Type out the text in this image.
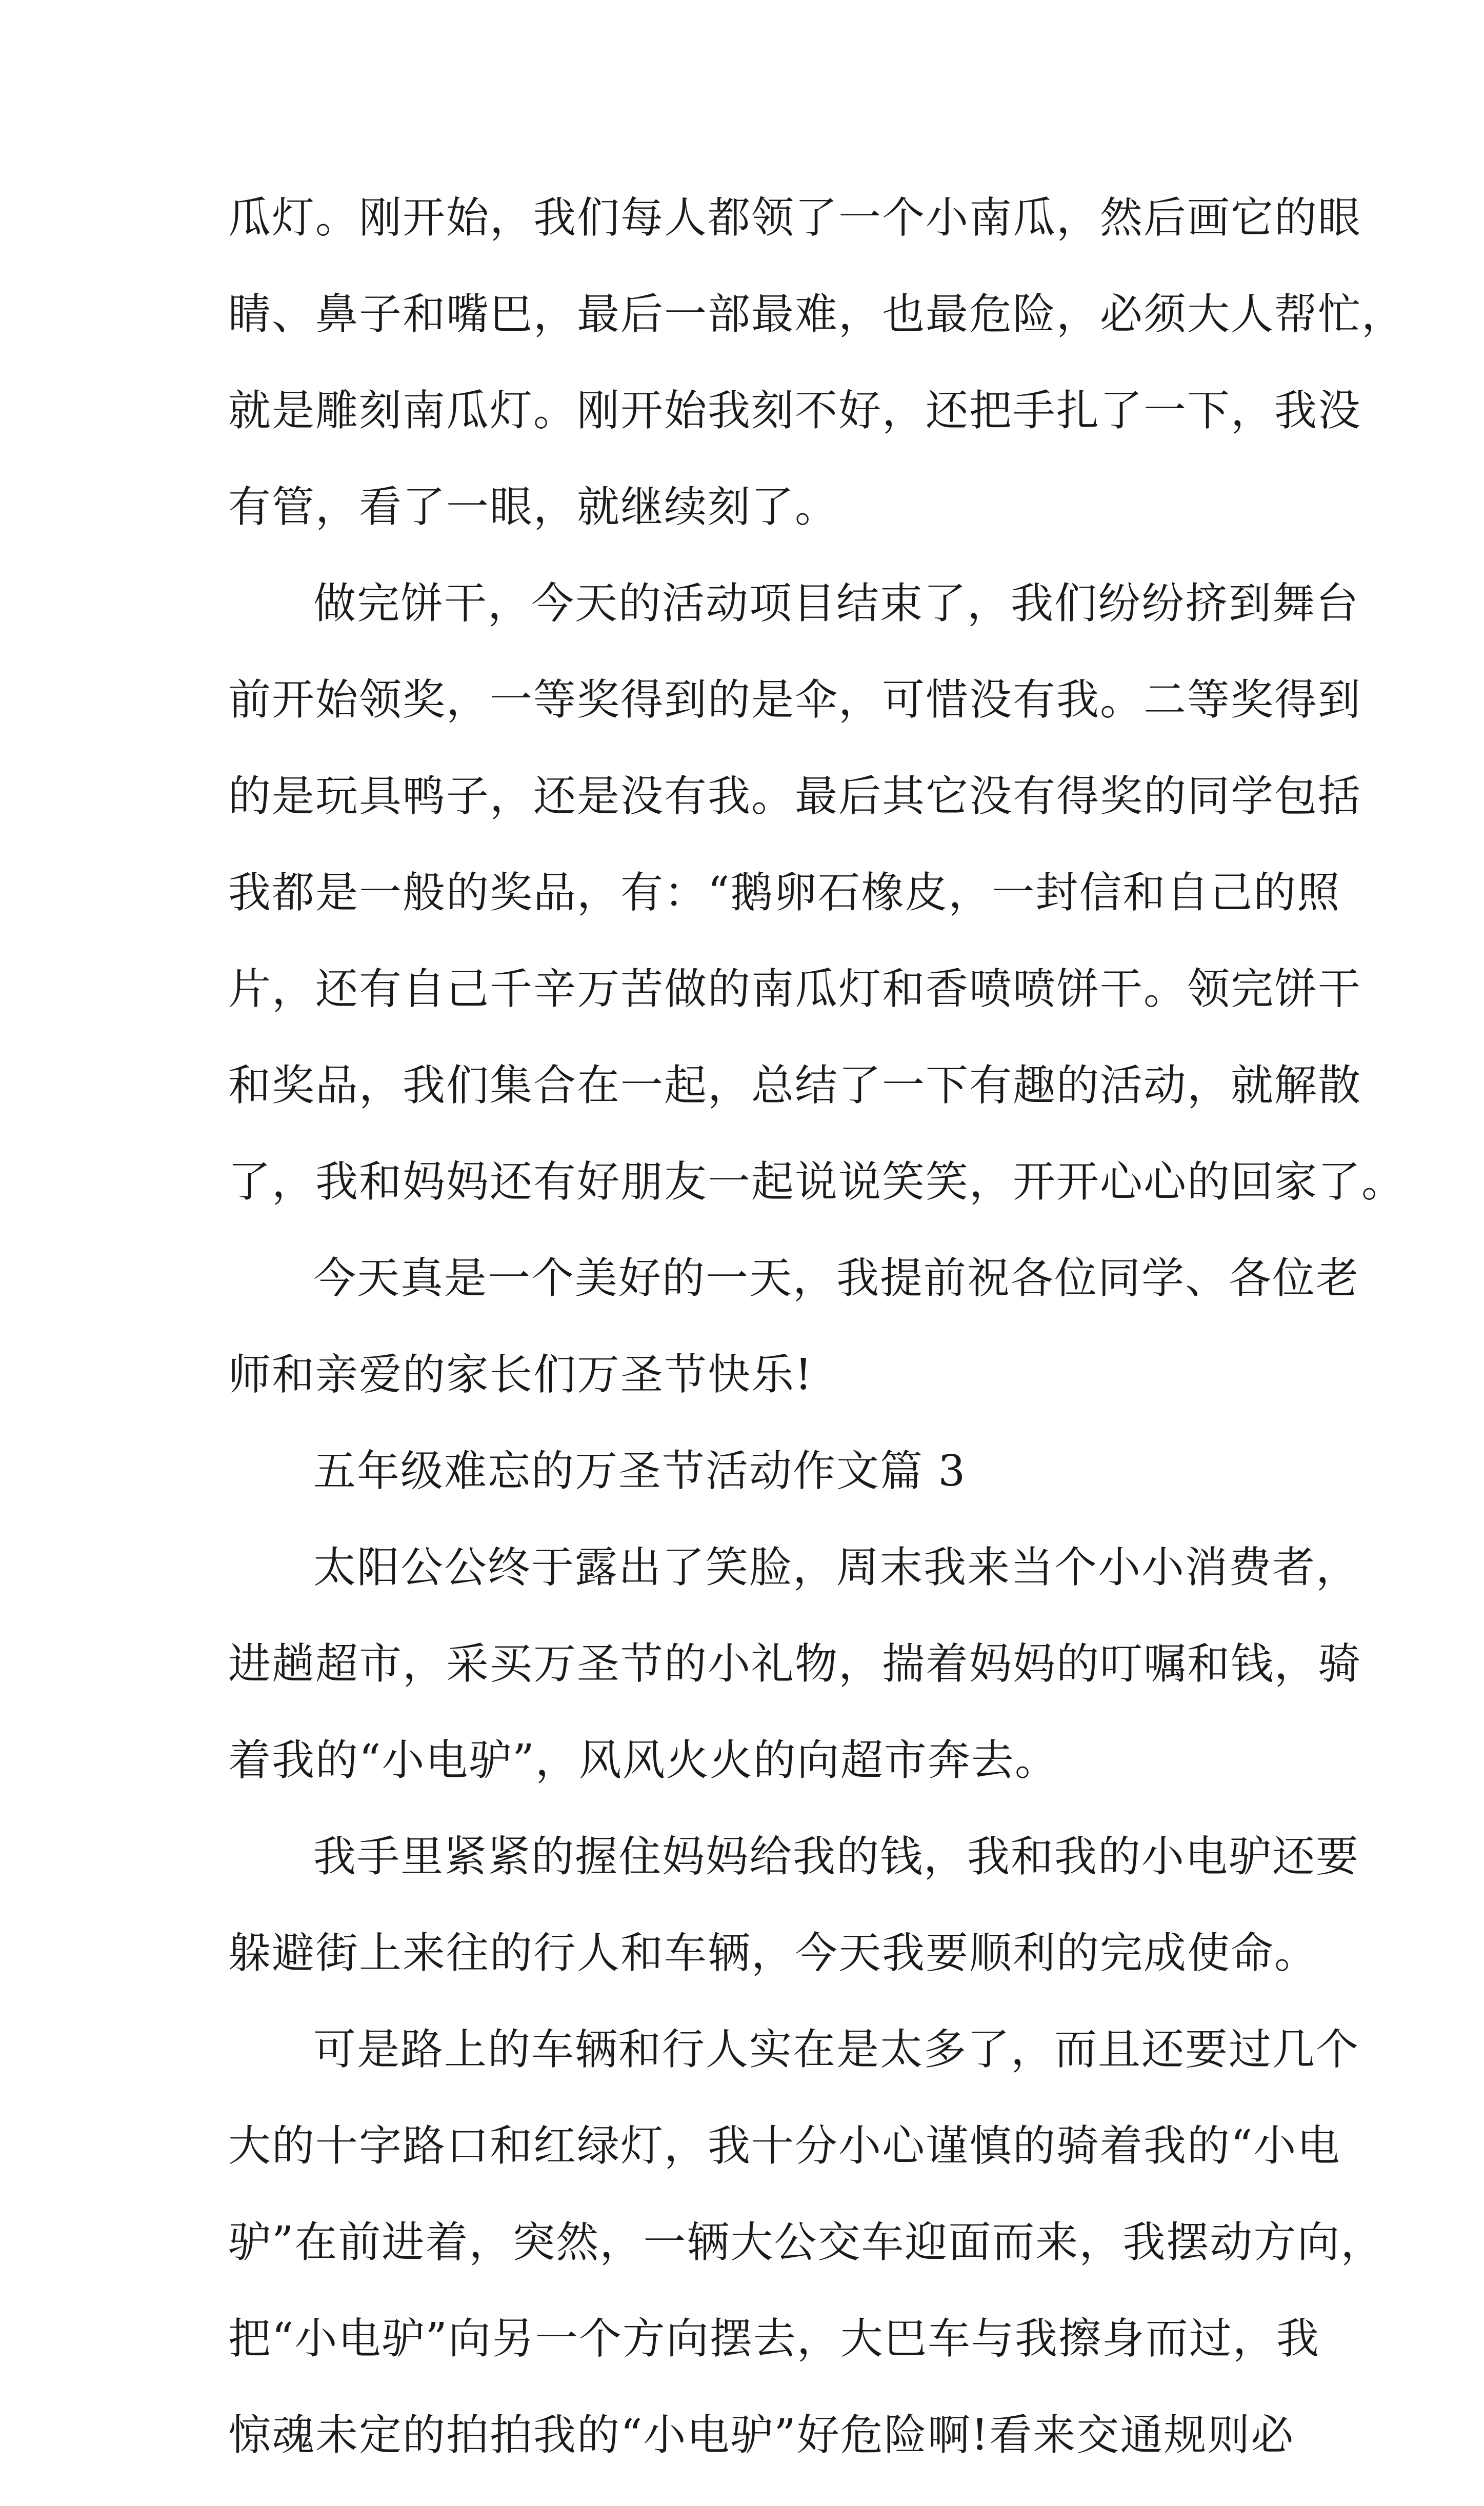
瓜灯。刚开始，我们每人都领了一个小南瓜，然后画它的眼
睛、鼻子和嘴巴，最后一部最难，也最危险，必须大人帮忙，
就是雕刻南瓜灯。刚开始我刻不好，还把手扎了一下，我没
有管，看了一眼，就继续刻了。
做完饼干，今天的活动项目结束了，我们纷纷挤到舞台
前开始领奖，一等奖得到的是伞，可惜没有我。二等奖得到
的是玩具鸭子，还是没有我。最后其它没有得奖的同学包括
我都是一般的奖品，有：“鹅卵石橡皮，一封信和自己的照
片，还有自己千辛万苦做的南瓜灯和香喷喷饼干。领完饼干
和奖品，我们集合在一起，总结了一下有趣的活动，就解散
了，我和妈妈还有好朋友一起说说笑笑，开开心心的回家了。
今天真是一个美好的一天，我提前祝各位同学、各位老
师和亲爱的家长们万圣节快乐!
五年级难忘的万圣节活动作文篇 3
太阳公公终于露出了笑脸，周末我来当个小小消费者，
进趟超市，采买万圣节的小礼物，揣着妈妈的叮嘱和钱，骑
着我的“小电驴”，风风火火的向超市奔去。
我手里紧紧的握住妈妈给我的钱，我和我的小电驴还要
躲避街上来往的行人和车辆，今天我要顺利的完成使命。
可是路上的车辆和行人实在是太多了，而且还要过几个
大的十字路口和红绿灯，我十分小心谨慎的骑着我的“小电
驴”在前进着，突然，一辆大公交车迎面而来，我摆动方向，
把“小电驴”向另一个方向摆去，大巴车与我擦身而过，我
惊魂未定的拍拍我的“小电驴”好危险啊!看来交通规则必
